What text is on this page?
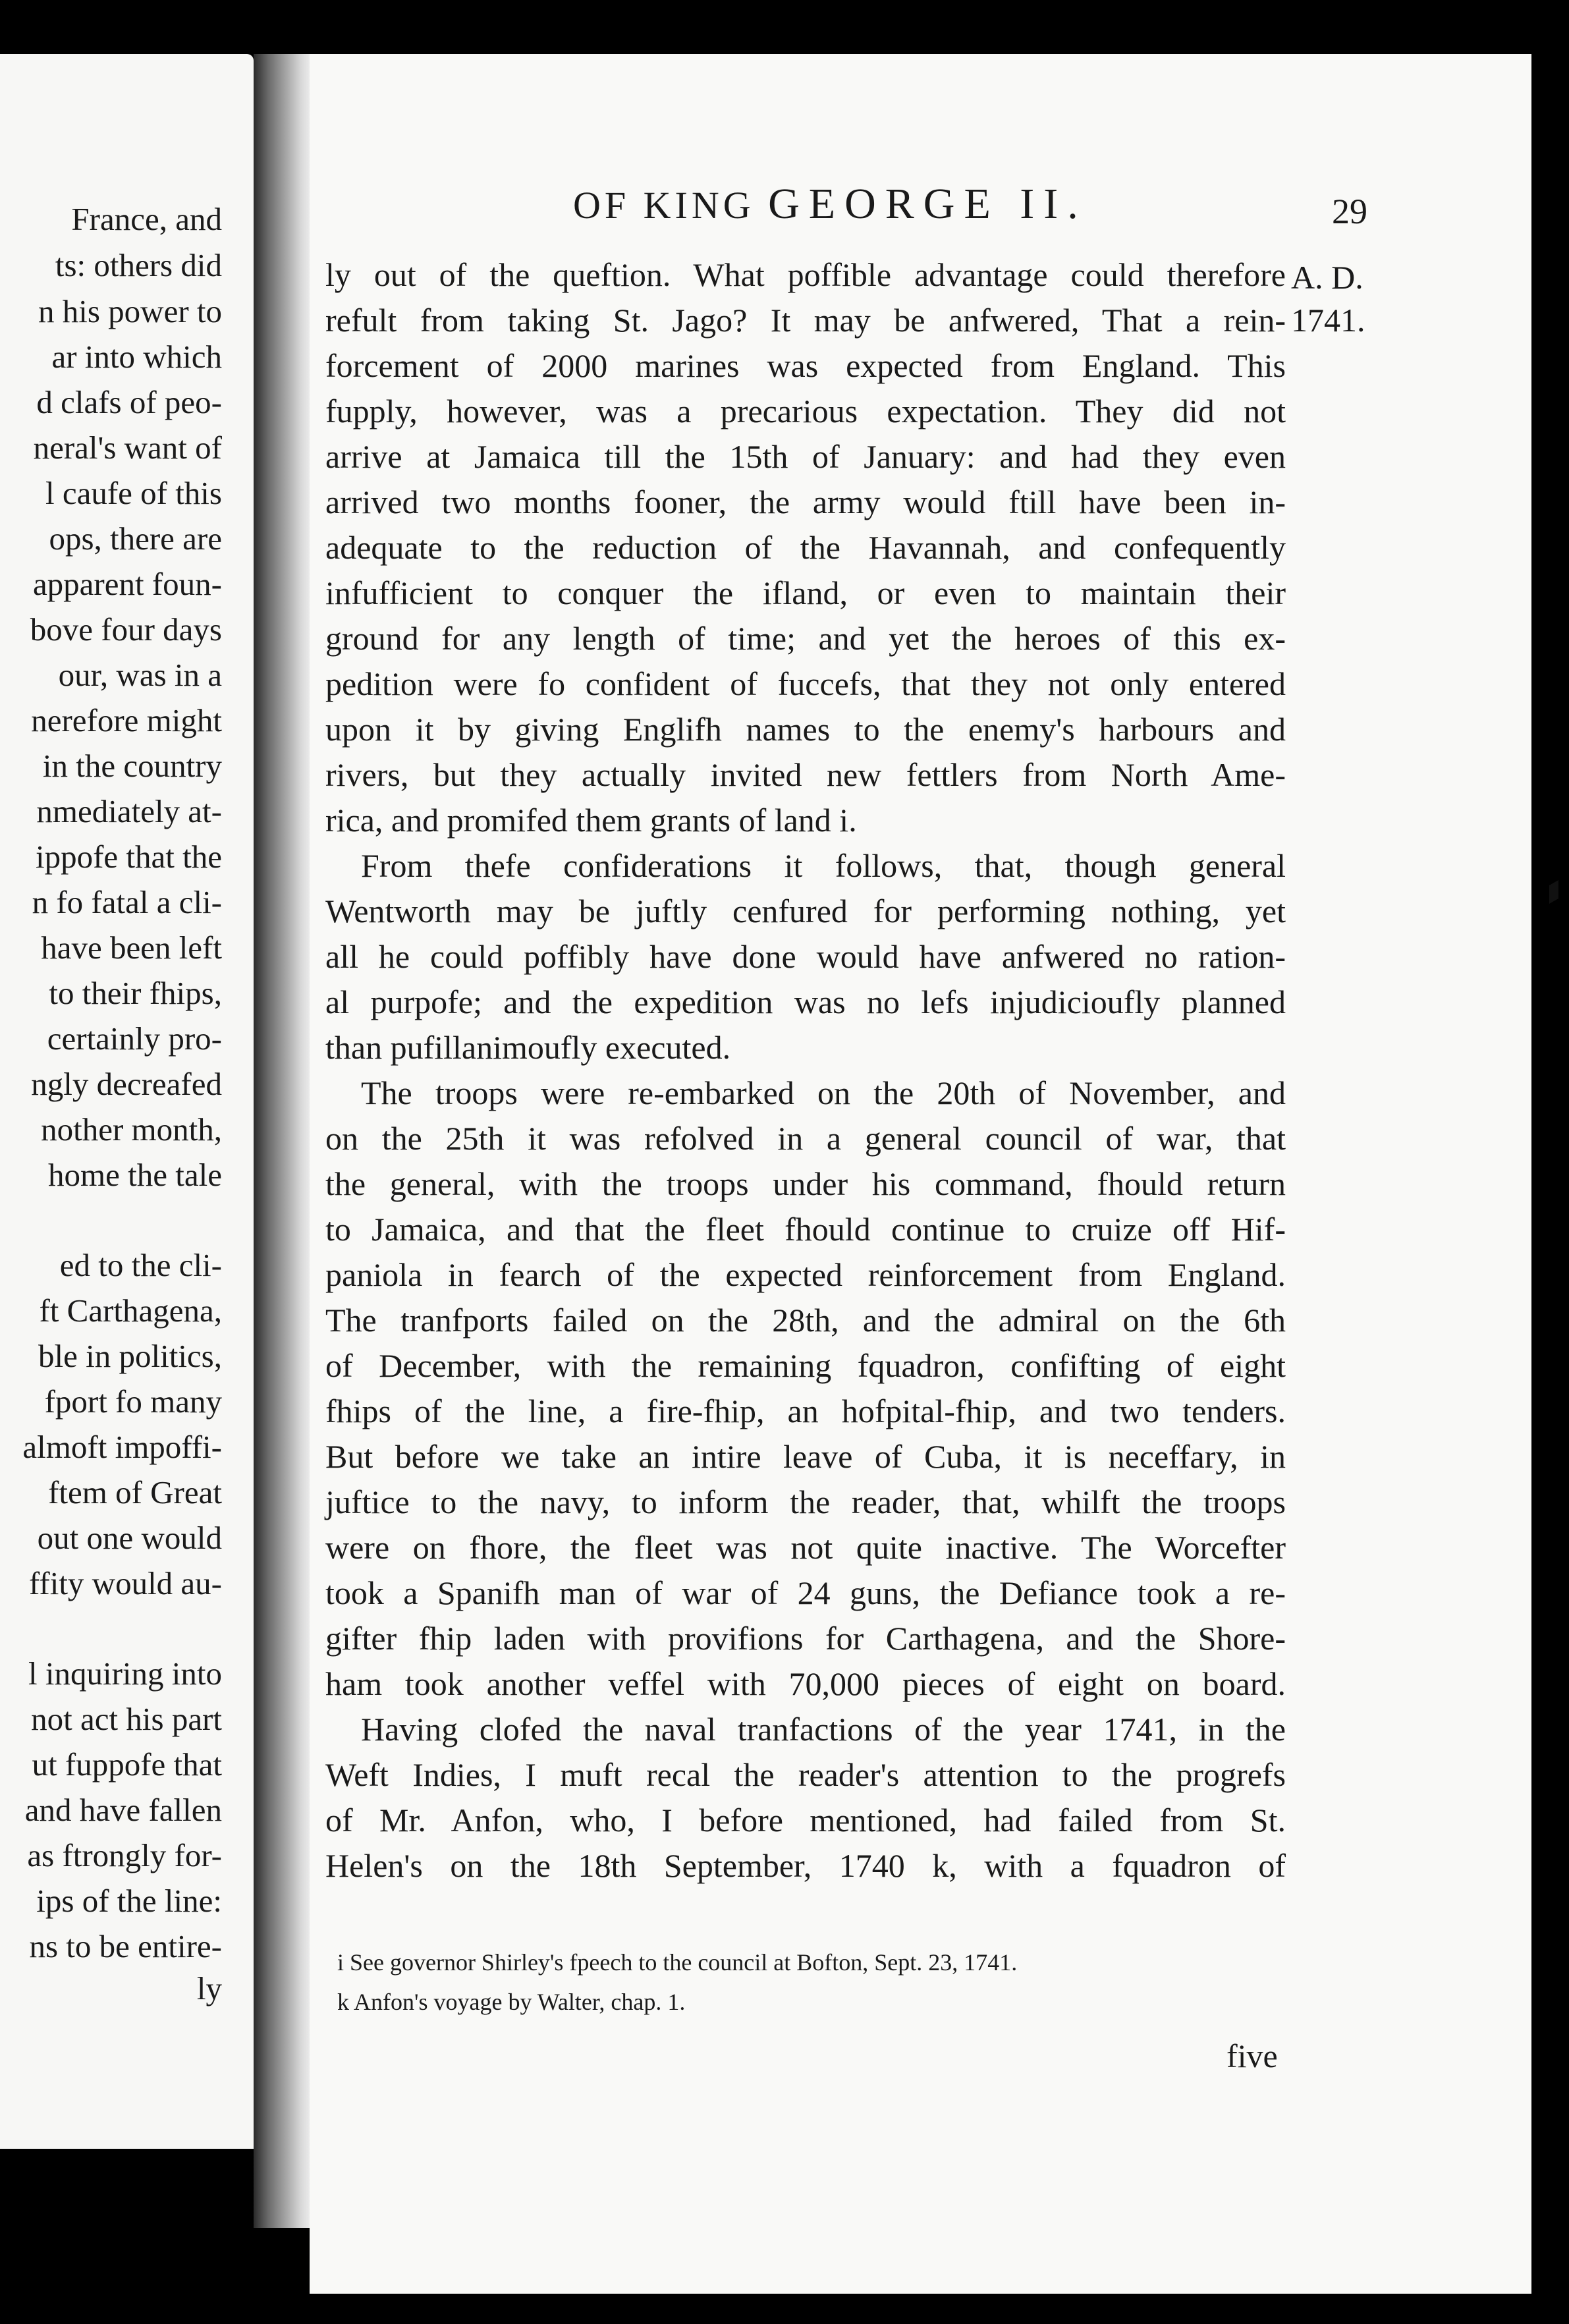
France, and
ts: others did
n his power to
ar into which
d clafs of peo-
neral's want of
l caufe of this
ops, there are
apparent foun-
bove four days
our, was in a
nerefore might
in the country
nmediately at-
ippofe that the
n fo fatal a cli-
have been left
to their fhips,
certainly pro-
ngly decreafed
nother month,
home the tale
ed to the cli-
ft Carthagena,
ble in politics,
fport fo many
almoft impoffi-
ftem of Great
out one would
ffity would au-
l inquiring into
not act his part
ut fuppofe that
and have fallen
as ftrongly for-
ips of the line:
ns to be entire-
ly
OF KING GEORGE II.	29
A. D.
1741.
ly out of the queftion. What poffible advantage could therefore
refult from taking St. Jago? It may be anfwered, That a rein-
forcement of 2000 marines was expected from England. This
fupply, however, was a precarious expectation. They did not
arrive at Jamaica till the 15th of January: and had they even
arrived two months fooner, the army would ftill have been in-
adequate to the reduction of the Havannah, and confequently
infufficient to conquer the ifland, or even to maintain their
ground for any length of time; and yet the heroes of this ex-
pedition were fo confident of fuccefs, that they not only entered
upon it by giving Englifh names to the enemy's harbours and
rivers, but they actually invited new fettlers from North Ame-
rica, and promifed them grants of land i.
From thefe confiderations it follows, that, though general
Wentworth may be juftly cenfured for performing nothing, yet
all he could poffibly have done would have anfwered no ration-
al purpofe; and the expedition was no lefs injudicioufly planned
than pufillanimoufly executed.
The troops were re-embarked on the 20th of November, and
on the 25th it was refolved in a general council of war, that
the general, with the troops under his command, fhould return
to Jamaica, and that the fleet fhould continue to cruize off Hif-
paniola in fearch of the expected reinforcement from England.
The tranfports failed on the 28th, and the admiral on the 6th
of December, with the remaining fquadron, confifting of eight
fhips of the line, a fire-fhip, an hofpital-fhip, and two tenders.
But before we take an intire leave of Cuba, it is neceffary, in
juftice to the navy, to inform the reader, that, whilft the troops
were on fhore, the fleet was not quite inactive. The Worcefter
took a Spanifh man of war of 24 guns, the Defiance took a re-
gifter fhip laden with provifions for Carthagena, and the Shore-
ham took another veffel with 70,000 pieces of eight on board.
Having clofed the naval tranfactions of the year 1741, in the
Weft Indies, I muft recal the reader's attention to the progrefs
of Mr. Anfon, who, I before mentioned, had failed from St.
Helen's on the 18th September, 1740 k, with a fquadron of
i See governor Shirley's fpeech to the council at Bofton, Sept. 23, 1741.
k Anfon's voyage by Walter, chap. 1.
five
